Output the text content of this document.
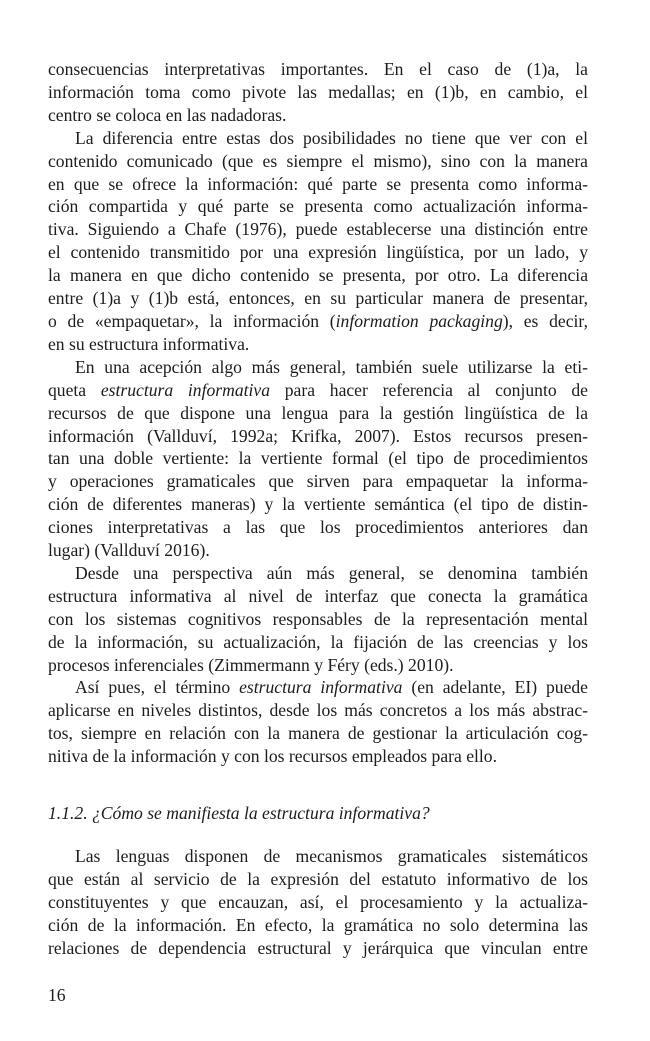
consecuencias interpretativas importantes. En el caso de (1)a, la
información toma como pivote las medallas; en (1)b, en cambio, el
centro se coloca en las nadadoras.
La diferencia entre estas dos posibilidades no tiene que ver con el
contenido comunicado (que es siempre el mismo), sino con la manera
en que se ofrece la información: qué parte se presenta como informa-
ción compartida y qué parte se presenta como actualización informa-
tiva. Siguiendo a Chafe (1976), puede establecerse una distinción entre
el contenido transmitido por una expresión lingüística, por un lado, y
la manera en que dicho contenido se presenta, por otro. La diferencia
entre (1)a y (1)b está, entonces, en su particular manera de presentar,
o de «empaquetar», la información (information packaging), es decir,
en su estructura informativa.
En una acepción algo más general, también suele utilizarse la eti-
queta estructura informativa para hacer referencia al conjunto de
recursos de que dispone una lengua para la gestión lingüística de la
información (Vallduví, 1992a; Krifka, 2007). Estos recursos presen-
tan una doble vertiente: la vertiente formal (el tipo de procedimientos
y operaciones gramaticales que sirven para empaquetar la informa-
ción de diferentes maneras) y la vertiente semántica (el tipo de distin-
ciones interpretativas a las que los procedimientos anteriores dan
lugar) (Vallduví 2016).
Desde una perspectiva aún más general, se denomina también
estructura informativa al nivel de interfaz que conecta la gramática
con los sistemas cognitivos responsables de la representación mental
de la información, su actualización, la fijación de las creencias y los
procesos inferenciales (Zimmermann y Féry (eds.) 2010).
Así pues, el término estructura informativa (en adelante, EI) puede
aplicarse en niveles distintos, desde los más concretos a los más abstrac-
tos, siempre en relación con la manera de gestionar la articulación cog-
nitiva de la información y con los recursos empleados para ello.
1.1.2. ¿Cómo se manifiesta la estructura informativa?
Las lenguas disponen de mecanismos gramaticales sistemáticos
que están al servicio de la expresión del estatuto informativo de los
constituyentes y que encauzan, así, el procesamiento y la actualiza-
ción de la información. En efecto, la gramática no solo determina las
relaciones de dependencia estructural y jerárquica que vinculan entre
16
